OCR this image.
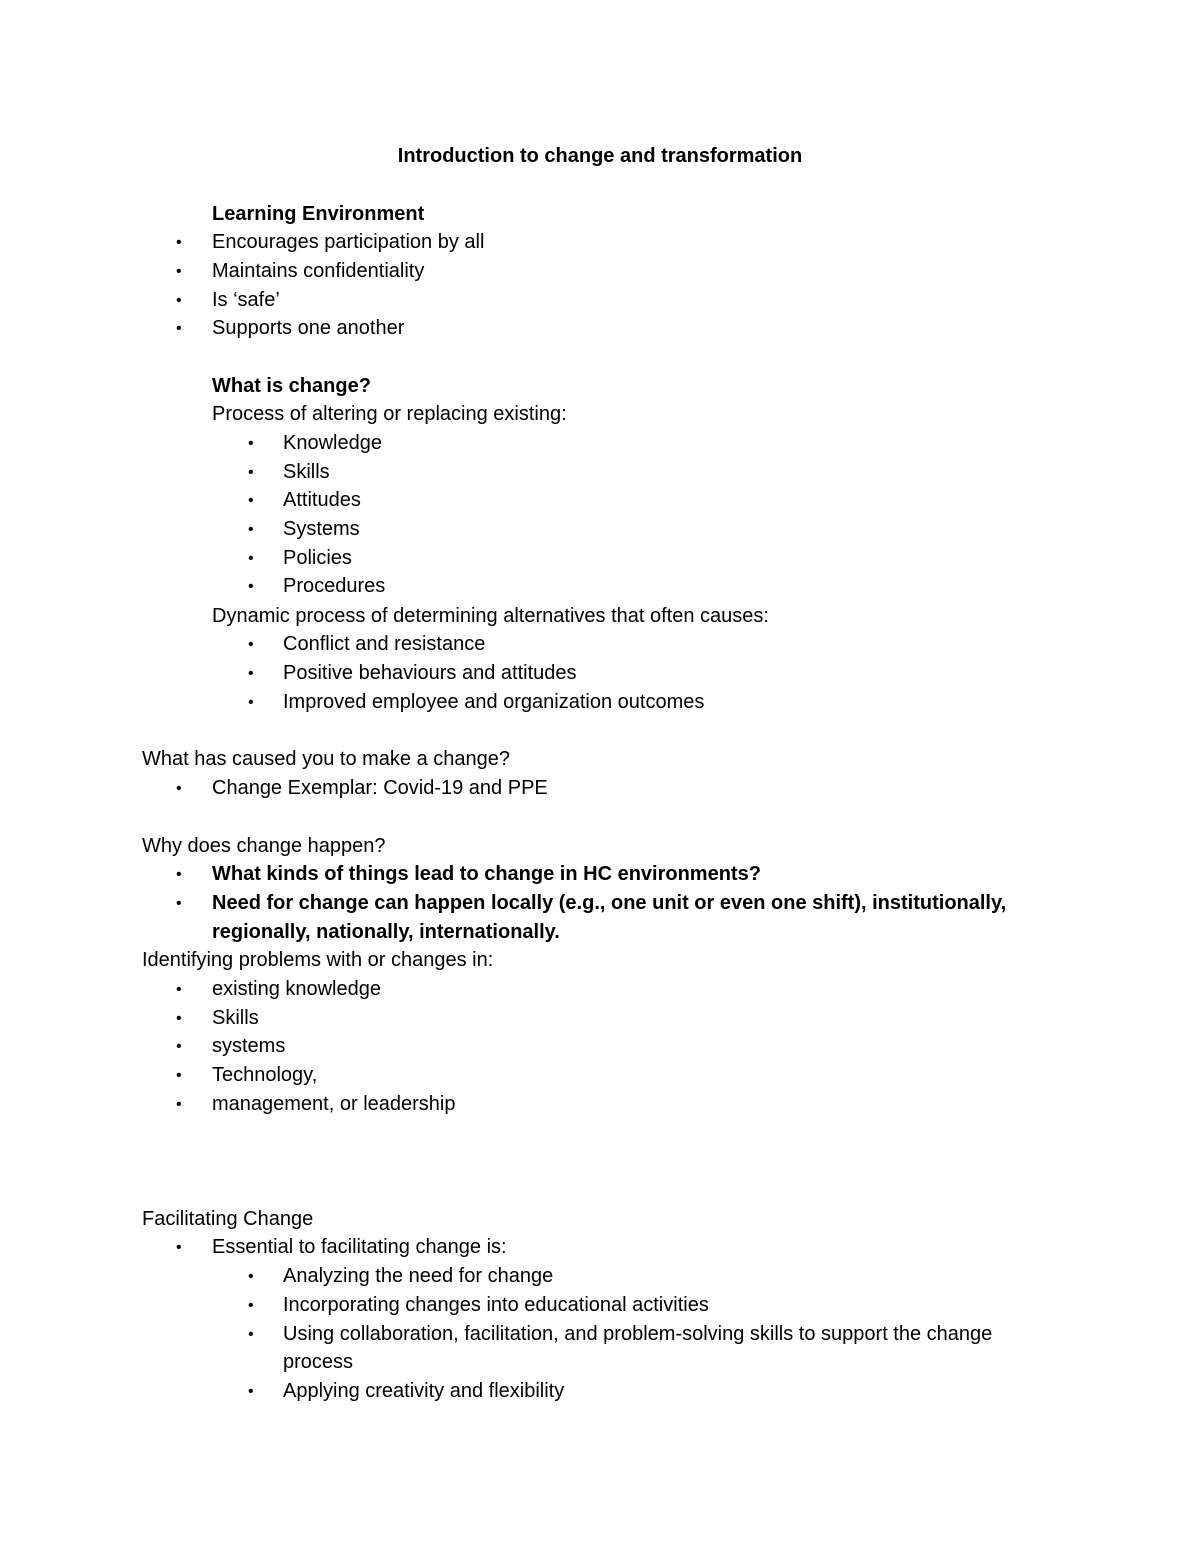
Introduction to change and transformation
Learning Environment
• Encourages participation by all
• Maintains confidentiality
• Is ‘safe’
• Supports one another
What is change?
Process of altering or replacing existing:
• Knowledge
• Skills
• Attitudes
• Systems
• Policies
• Procedures
Dynamic process of determining alternatives that often causes:
• Conflict and resistance
• Positive behaviours and attitudes
• Improved employee and organization outcomes
What has caused you to make a change?
• Change Exemplar: Covid-19 and PPE
Why does change happen?
• What kinds of things lead to change in HC environments?
• Need for change can happen locally (e.g., one unit or even one shift), institutionally,
regionally, nationally, internationally.
Identifying problems with or changes in:
• existing knowledge
• Skills
• systems
• Technology,
• management, or leadership
Facilitating Change
• Essential to facilitating change is:
• Analyzing the need for change
• Incorporating changes into educational activities
• Using collaboration, facilitation, and problem-solving skills to support the change
process
• Applying creativity and flexibility
